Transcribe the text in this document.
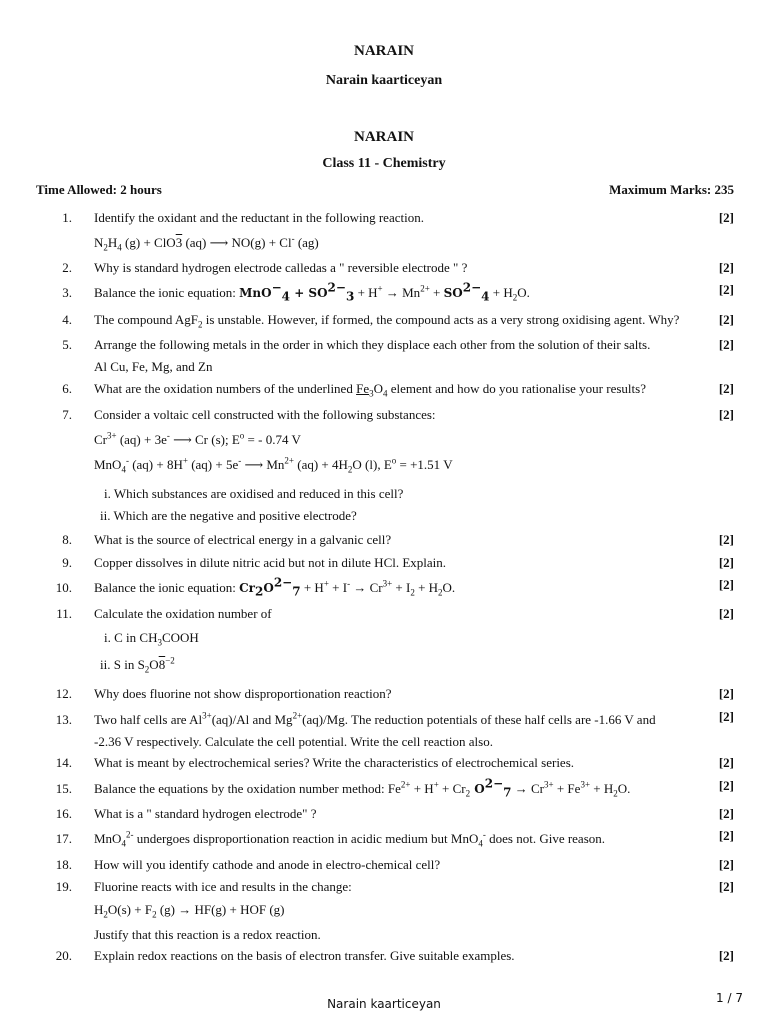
NARAIN
Narain kaarticeyan
NARAIN
Class 11 - Chemistry
Time Allowed: 2 hours	Maximum Marks: 235
1. Identify the oxidant and the reductant in the following reaction.	[2]
$N_2H_4$ (g) + ClO3 (aq) ⟶ NO(g) + Cl- (ag)
2. Why is standard hydrogen electrode calledas a " reversible electrode " ?	[2]
3. Balance the ionic equation: $MnO^-_4 + SO^{2-}_3 + H^+ \to Mn^{2+} + SO^{2-}_4 + H_2O$.	[2]
4. The compound AgF$_2$ is unstable. However, if formed, the compound acts as a very strong oxidising agent. Why?	[2]
5. Arrange the following metals in the order in which they displace each other from the solution of their salts.	[2]
Al Cu, Fe, Mg, and Zn
6. What are the oxidation numbers of the underlined $Fe_3O_4$ element and how do you rationalise your results?	[2]
7. Consider a voltaic cell constructed with the following substances:	[2]
$Cr^{3+}$ (aq) + 3e- ⟶ Cr (s); $E^o$ = - 0.74 V
MnO$_4$- (aq) + 8H+ (aq) + 5e- ⟶ $Mn^{2+}$ $(aq) + 4H_2O$ (l), $E^o = +1.51$ V
i. Which substances are oxidised and reduced in this cell?
ii. Which are the negative and positive electrode?
8. What is the source of electrical energy in a galvanic cell?	[2]
9. Copper dissolves in dilute nitric acid but not in dilute HCl. Explain.	[2]
10. Balance the ionic equation: $Cr_2O^{2-}_7 + H^+ + I^- \to Cr^{3+} + I_2 + H_2O$.	[2]
11. Calculate the oxidation number of	[2]
i. C in $CH_3COOH$
ii. S in $S_2O8^{-2}$
12. Why does fluorine not show disproportionation reaction?	[2]
13. Two half cells are $Al^{3+}(aq)/Al$ and $Mg^{2+}(aq)/Mg$. The reduction potentials of these half cells are -1.66 V and	[2]
-2.36 V respectively. Calculate the cell potential. Write the cell reaction also.
14. What is meant by electrochemical series? Write the characteristics of electrochemical series.	[2]
15. Balance the equations by the oxidation number method: $Fe^{2+} + H^+ + Cr_2$ $O^{2-}_7 \to Cr^{3+} + Fe^{3+} + H_2O$.	[2]
16. What is a " standard hydrogen electrode" ?	[2]
17. MnO$_4^{2-}$ undergoes disproportionation reaction in acidic medium but MnO$_4$- does not. Give reason.	[2]
18. How will you identify cathode and anode in electro-chemical cell?	[2]
19. Fluorine reacts with ice and results in the change:	[2]
$H_2O(s) + F_2$ (g) → HF(g) + HOF (g)
Justify that this reaction is a redox reaction.
20. Explain redox reactions on the basis of electron transfer. Give suitable examples.	[2]
Narain kaarticeyan	1 / 7
